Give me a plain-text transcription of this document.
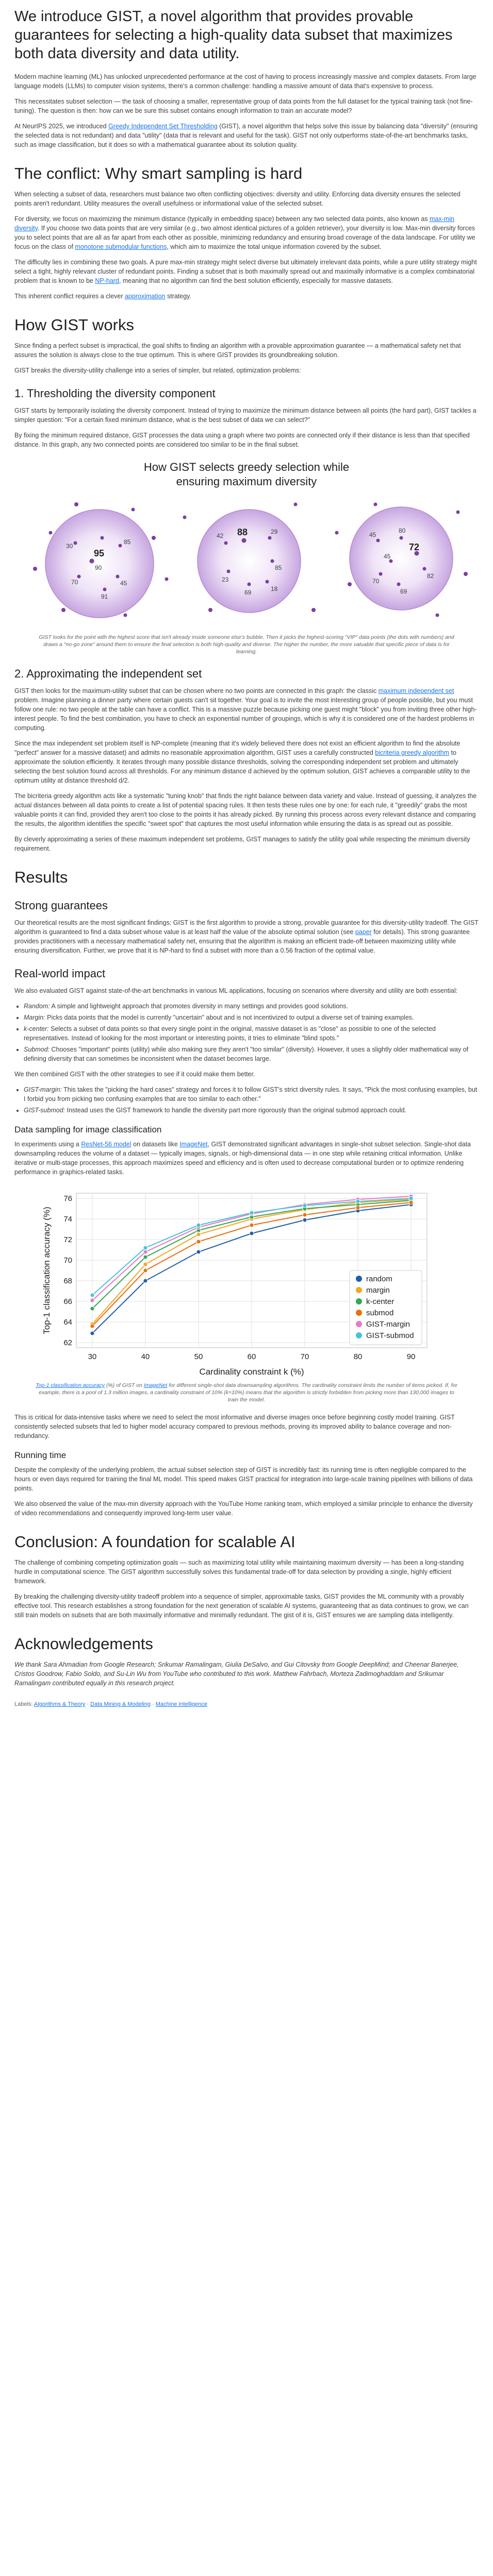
We introduce GIST, a novel algorithm that provides provable guarantees for selecting a high-quality data subset that maximizes both data diversity and data utility.

Modern machine learning (ML) has unlocked unprecedented performance at the cost of having to process increasingly massive and complex datasets. From large language models (LLMs) to computer vision systems, there's a common challenge: handling a massive amount of data that's expensive to process.

This necessitates subset selection — the task of choosing a smaller, representative group of data points from the full dataset for the typical training task (not fine-tuning). The question is then: how can we be sure this subset contains enough information to train an accurate model?

At NeurIPS 2025, we introduced Greedy Independent Set Thresholding (GIST), a novel algorithm that helps solve this issue by balancing data "diversity" (ensuring the selected data is not redundant) and data "utility" (data that is relevant and useful for the task). GIST not only outperforms state-of-the-art benchmarks tasks, such as image classification, but it does so with a mathematical guarantee about its solution quality.

The conflict: Why smart sampling is hard

When selecting a subset of data, researchers must balance two often conflicting objectives: diversity and utility. Enforcing data diversity ensures the selected points aren't redundant. Utility measures the overall usefulness or informational value of the selected subset.

For diversity, we focus on maximizing the minimum distance (typically in embedding space) between any two selected data points, also known as max-min diversity. If you choose two data points that are very similar (e.g., two almost identical pictures of a golden retriever), your diversity is low. Max-min diversity forces you to select points that are all as far apart from each other as possible, minimizing redundancy and ensuring broad coverage of the data landscape. For utility we focus on the class of monotone submodular functions, which aim to maximize the total unique information covered by the subset.

The difficulty lies in combining these two goals. A pure max-min strategy might select diverse but ultimately irrelevant data points, while a pure utility strategy might select a tight, highly relevant cluster of redundant points. Finding a subset that is both maximally spread out and maximally informative is a complex combinatorial problem that is known to be NP-hard, meaning that no algorithm can find the best solution efficiently, especially for massive datasets.

This inherent conflict requires a clever approximation strategy.

How GIST works

Since finding a perfect subset is impractical, the goal shifts to finding an algorithm with a provable approximation guarantee — a mathematical safety net that assures the solution is always close to the true optimum. This is where GIST provides its groundbreaking solution.

GIST breaks the diversity-utility challenge into a series of simpler, but related, optimization problems:

1. Thresholding the diversity component

GIST starts by temporarily isolating the diversity component. Instead of trying to maximize the minimum distance between all points (the hard part), GIST tackles a simpler question: "For a certain fixed minimum distance, what is the best subset of data we can select?"

By fixing the minimum required distance, GIST processes the data using a graph where two points are connected only if their distance is less than that specified distance. In this graph, any two connected points are considered too similar to be in the final subset.

How GIST selects greedy selection while
ensuring maximum diversity
30
95
85
90
70	45
91
42 88	29
85
23
69	18
45
80
72
82
70
69
45
GIST looks for the point with the highest score that isn't already inside someone else's bubble. Then it picks the highest-scoring "VIP" data points (the dots with numbers) and draws a "no-go zone" around them to ensure the final selection is both high-quality and diverse. The higher the number, the more valuable that specific piece of data is for learning.
2. Approximating the independent set

GIST then looks for the maximum-utility subset that can be chosen where no two points are connected in this graph: the classic maximum independent set problem. Imagine planning a dinner party where certain guests can't sit together. Your goal is to invite the most interesting group of people possible, but you must follow one rule: no two people at the table can have a conflict. This is a massive puzzle because picking one guest might "block" you from inviting three other high-interest people. To find the best combination, you have to check an exponential number of groupings, which is why it is considered one of the hardest problems in computing.

Since the max independent set problem itself is NP-complete (meaning that it's widely believed there does not exist an efficient algorithm to find the absolute "perfect" answer for a massive dataset) and admits no reasonable approximation algorithm, GIST uses a carefully constructed bicriteria greedy algorithm to approximate the solution efficiently. It iterates through many possible distance thresholds, solving the corresponding independent set problem and ultimately selecting the best solution found across all thresholds. For any minimum distance d achieved by the optimum solution, GIST achieves a comparable utility to the optimum utility at distance threshold d/2.

The bicriteria greedy algorithm acts like a systematic "tuning knob" that finds the right balance between data variety and value. Instead of guessing, it analyzes the actual distances between all data points to create a list of potential spacing rules. It then tests these rules one by one: for each rule, it "greedily" grabs the most valuable points it can find, provided they aren't too close to the points it has already picked. By running this process across every relevant distance and comparing the results, the algorithm identifies the specific "sweet spot" that captures the most useful information while ensuring the data is as spread out as possible.

By cleverly approximating a series of these maximum independent set problems, GIST manages to satisfy the utility goal while respecting the minimum diversity requirement.

Results
Strong guarantees

Our theoretical results are the most significant findings: GIST is the first algorithm to provide a strong, provable guarantee for this diversity-utility tradeoff. The GIST algorithm is guaranteed to find a data subset whose value is at least half the value of the absolute optimal solution (see paper for details). This strong guarantee provides practitioners with a necessary mathematical safety net, ensuring that the algorithm is making an efficient trade-off between maximizing utility while ensuring diversification. Further, we prove that it is NP-hard to find a subset with more than a 0.56 fraction of the optimal value.

Real-world impact

We also evaluated GIST against state-of-the-art benchmarks in various ML applications, focusing on scenarios where diversity and utility are both essential:

• Random: A simple and lightweight approach that promotes diversity in many settings and provides good solutions.
• Margin: Picks data points that the model is currently "uncertain" about and is not incentivized to output a diverse set of training examples.
• k-center: Selects a subset of data points so that every single point in the original, massive dataset is as "close" as possible to one of the selected representatives. Instead of looking for the most important or interesting points, it tries to eliminate "blind spots."
• Submod: Chooses "important" points (utility) while also making sure they aren't "too similar" (diversity). However, it uses a slightly older mathematical way of defining diversity that can sometimes be inconsistent when the dataset becomes large.

We then combined GIST with the other strategies to see if it could make them better.

• GIST-margin: This takes the "picking the hard cases" strategy and forces it to follow GIST's strict diversity rules. It says, "Pick the most confusing examples, but I forbid you from picking two confusing examples that are too similar to each other."
• GIST-submod: Instead uses the GIST framework to handle the diversity part more rigorously than the original submod approach could.
Data sampling for image classification

In experiments using a ResNet-56 model on datasets like ImageNet, GIST demonstrated significant advantages in single-shot subset selection. Single-shot data downsampling reduces the volume of a dataset — typically images, signals, or high-dimensional data — in one step while retaining critical information. Unlike iterative or multi-stage processes, this approach maximizes speed and efficiency and is often used to decrease computational burden or to optimize rendering performance in graphics-related tasks.

62
64
66
68
70
72
74
76
30	40	50	60	70	80	90
random
margin
k-center
submod
GIST-margin
GIST-submod
Cardinality constraint k (%)
Top-1 classification accuracy (%)
Top-1 classification accuracy (%) of GIST on ImageNet for different single-shot data downsampling algorithms. The cardinality constraint limits the number of items picked. If, for example, there is a pool of 1.3 million images, a cardinality constraint of 10% (k=10%) means that the algorithm is strictly forbidden from picking more than 130,000 images to train the model.

This is critical for data-intensive tasks where we need to select the most informative and diverse images once before beginning costly model training. GIST consistently selected subsets that led to higher model accuracy compared to previous methods, proving its improved ability to balance coverage and non-redundancy.

Running time

Despite the complexity of the underlying problem, the actual subset selection step of GIST is incredibly fast: its running time is often negligible compared to the hours or even days required for training the final ML model. This speed makes GIST practical for integration into large-scale training pipelines with billions of data points.

We also observed the value of the max-min diversity approach with the YouTube Home ranking team, which employed a similar principle to enhance the diversity of video recommendations and consequently improved long-term user value.

Conclusion: A foundation for scalable AI

The challenge of combining competing optimization goals — such as maximizing total utility while maintaining maximum diversity — has been a long-standing hurdle in computational science. The GIST algorithm successfully solves this fundamental trade-off for data selection by providing a single, highly efficient framework.

By breaking the challenging diversity-utility tradeoff problem into a sequence of simpler, approximable tasks, GIST provides the ML community with a provably effective tool. This research establishes a strong foundation for the next generation of scalable AI systems, guaranteeing that as data continues to grow, we can still train models on subsets that are both maximally informative and minimally redundant. The gist of it is, GIST ensures we are sampling data intelligently.

Acknowledgements

We thank Sara Ahmadian from Google Research; Srikumar Ramalingam, Giulia DeSalvo, and Gui Citovsky from Google DeepMind; and Cheenar Banerjee, Cristos Goodrow, Fabio Soldo, and Su-Lin Wu from YouTube who contributed to this work. Matthew Fahrbach, Morteza Zadimoghaddam and Srikumar Ramalingam contributed equally in this research project.

Labels: Algorithms & Theory · Data Mining & Modeling · Machine Intelligence
